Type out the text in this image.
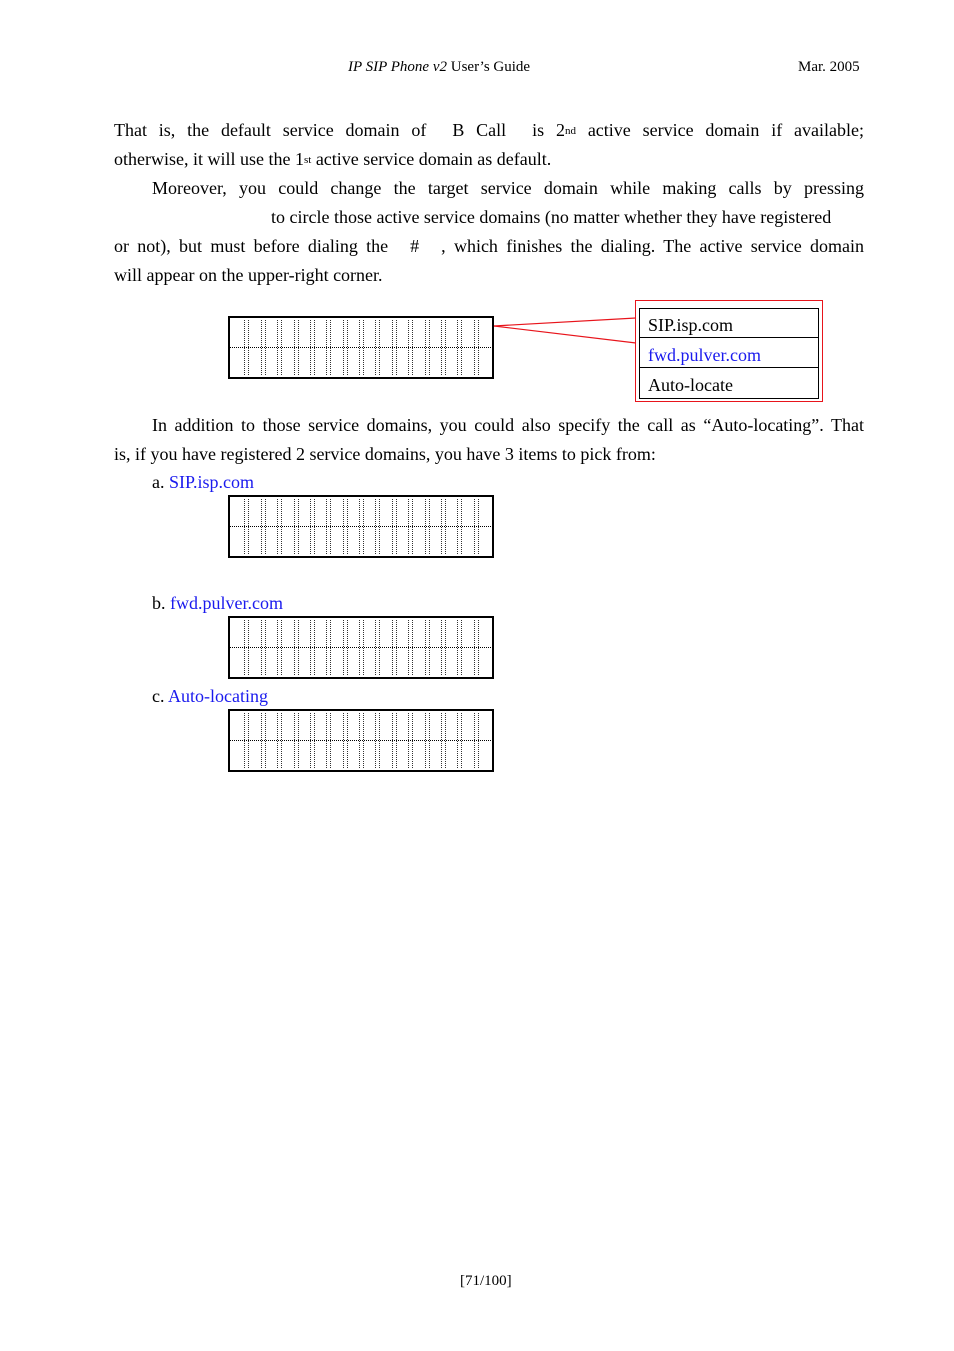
IP SIP Phone v2 User’s Guide	Mar. 2005
That is, the default service domain of B Call is 2nd active service domain if available;
otherwise, it will use the 1st active service domain as default.
Moreover, you could change the target service domain while making calls by pressing
to circle those active service domains (no matter whether they have registered
or not), but must before dialing the # , which finishes the dialing. The active service domain
will appear on the upper-right corner.
SIP.isp.com
fwd.pulver.com
Auto-locate
In addition to those service domains, you could also specify the call as “Auto-locating”. That
is, if you have registered 2 service domains, you have 3 items to pick from:
a. SIP.isp.com
b. fwd.pulver.com
c. Auto-locating
[71/100]
